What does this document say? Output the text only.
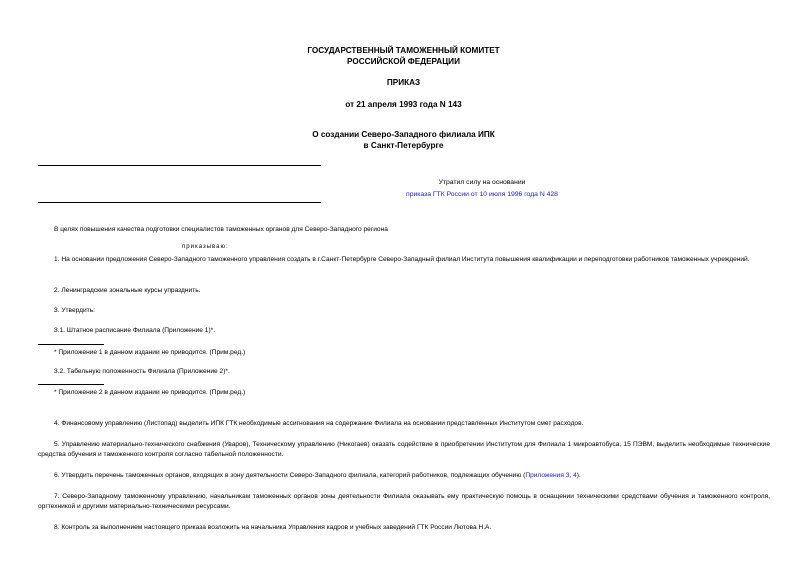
ГОСУДАРСТВЕННЫЙ ТАМОЖЕННЫЙ КОМИТЕТ
РОССИЙСКОЙ ФЕДЕРАЦИИ
ПРИКАЗ
от 21 апреля 1993 года N 143
О создании Северо-Западного филиала ИПК
в Санкт-Петербурге
Утратил силу на основании
приказа ГТК России от 10 июля 1996 года N 428
В целях повышения качества подготовки специалистов таможенных органов для Северо-Западного региона
приказываю:
1. На основании предложения Северо-Западного таможенного управления создать в г.Санкт-Петербурге Северо-Западный филиал Института повышения квалификации и переподготовки работников таможенных учреждений.
2. Ленинградские зональные курсы упразднить.
3. Утвердить:
3.1. Штатное расписание Филиала (Приложение 1)*.
* Приложение 1 в данном издании не приводится. (Прим.ред.)
3.2. Табельную положенность Филиала (Приложение 2)*.
* Приложение 2 в данном издании не приводится. (Прим.ред.)
4. Финансовому управлению (Листопад) выделить ИПК ГТК необходимые ассигнования на содержание Филиала на основании представленных Институтом смет расходов.
5. Управлению материально-технического снабжения (Уваров), Техническому управлению (Никогаев) оказать содействие в приобретении Институтом для Филиала 1 микроавтобуса, 15 ПЭВМ, выделить необходимые технические средства обучения и таможенного контроля согласно табельной положенности.
6. Утвердить перечень таможенных органов, входящих в зону деятельности Северо-Западного филиала, категорий работников, подлежащих обучению (Приложения 3, 4).
7. Северо-Западному таможенному управлению, начальникам таможенных органов зоны деятельности Филиала оказывать ему практическую помощь в оснащении техническими средствами обучения и таможенного контроля, оргтехникой и другими материально-техническими ресурсами.
8. Контроль за выполнением настоящего приказа возложить на начальника Управления кадров и учебных заведений ГТК России Лютова Н.А.
